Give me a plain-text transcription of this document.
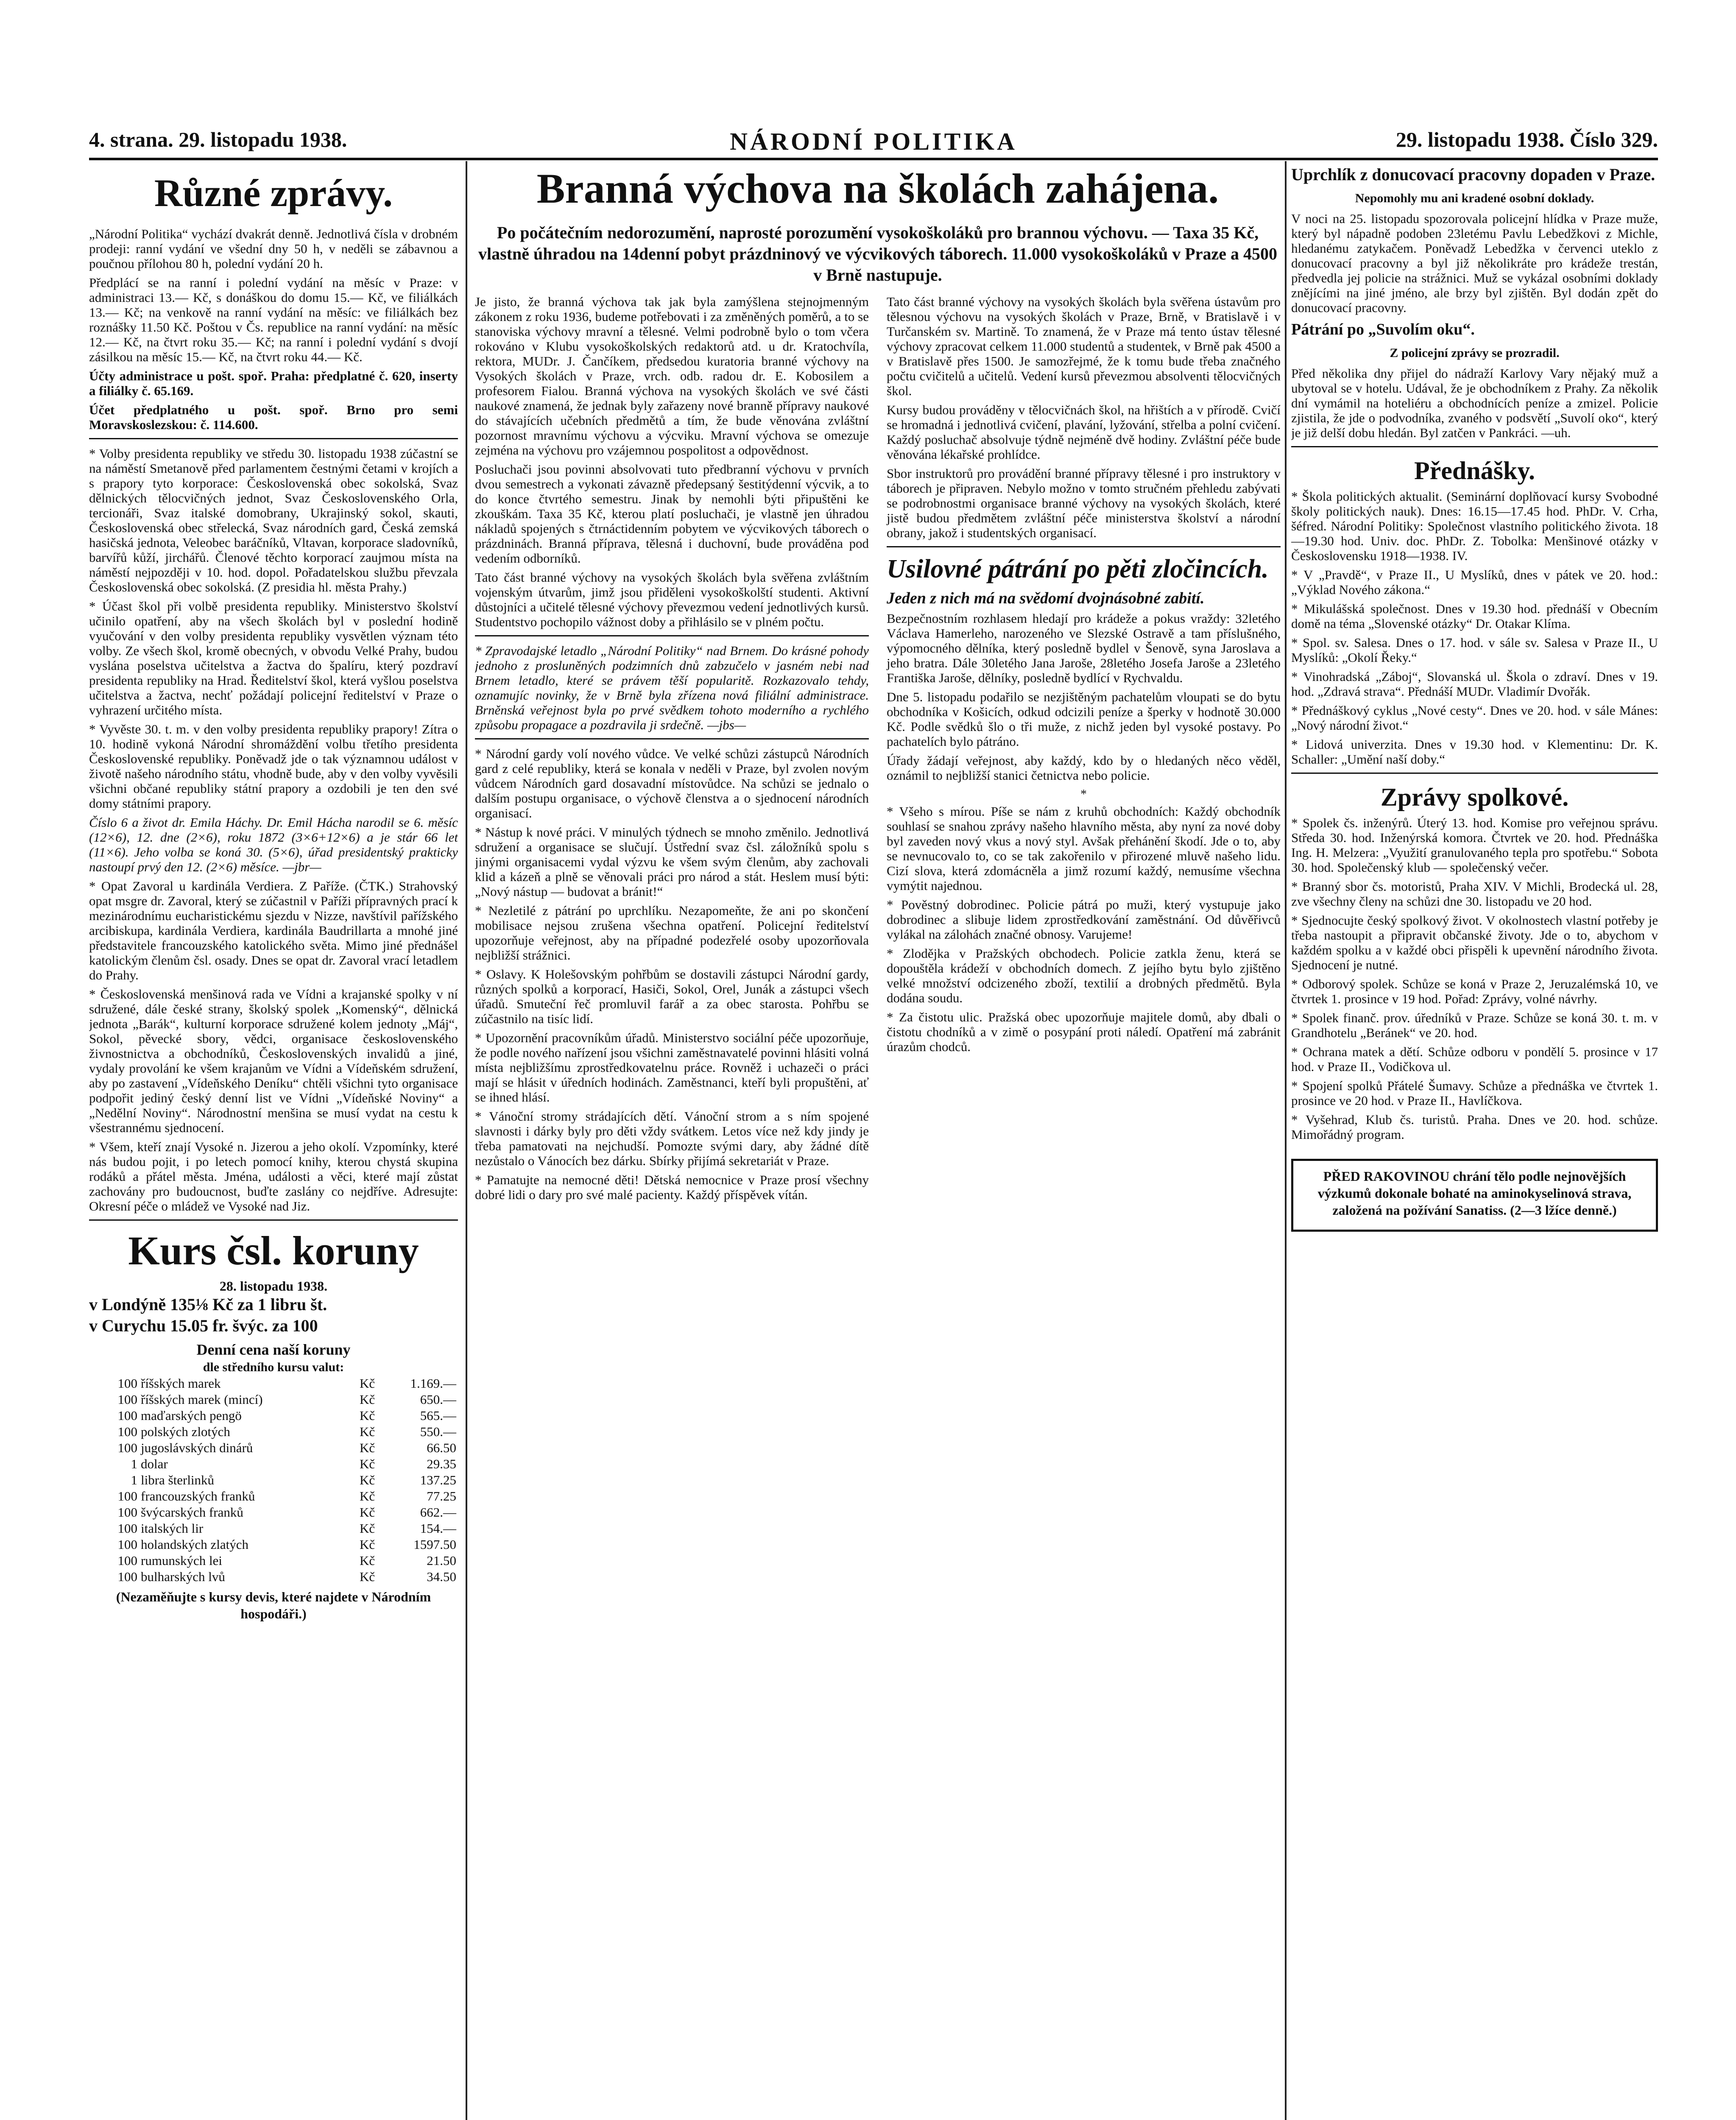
4. strana. 29. listopadu 1938.	NÁRODNÍ POLITIKA	29. listopadu 1938. Číslo 329.
Různé zprávy.

„Národní Politika“ vychází dvakrát denně. Jednotlivá čísla v drobném prodeji: ranní vydání ve všední dny 50 h, v neděli se zábavnou a poučnou přílohou 80 h, polední vydání 20 h.

Předplácí se na ranní i polední vydání na měsíc v Praze: v administraci 13.— Kč, s donáškou do domu 15.— Kč, ve filiálkách 13.— Kč; na venkově na ranní vydání na měsíc: ve filiálkách bez roznášky 11.50 Kč. Poštou v Čs. republice na ranní vydání: na měsíc 12.— Kč, na čtvrt roku 35.— Kč; na ranní i polední vydání s dvojí zásilkou na měsíc 15.— Kč, na čtvrt roku 44.— Kč.

Účty administrace u pošt. spoř. Praha: předplatné č. 620, inserty a filiálky č. 65.169.

Účet předplatného u pošt. spoř. Brno pro semi Moravskoslezskou: č. 114.600.

* Volby presidenta republiky ve středu 30. listopadu 1938 zúčastní se na náměstí Smetanově před parlamentem čestnými četami v krojích a s prapory tyto korporace: Československá obec sokolská, Svaz dělnických tělocvičných jednot, Svaz Československého Orla, tercionáři, Svaz italské domobrany, Ukrajinský sokol, skauti, Československá obec střelecká, Svaz národních gard, Česká zemská hasičská jednota, Veleobec baráčníků, Vltavan, korporace sladovníků, barvířů kůží, jirchářů. Členové těchto korporací zaujmou místa na náměstí nejpozději v 10. hod. dopol. Pořadatelskou službu převzala Československá obec sokolská. (Z presidia hl. města Prahy.)

* Účast škol při volbě presidenta republiky. Ministerstvo školství učinilo opatření, aby na všech školách byl v poslední hodině vyučování v den volby presidenta republiky vysvětlen význam této volby. Ze všech škol, kromě obecných, v obvodu Velké Prahy, budou vyslána poselstva učitelstva a žactva do špalíru, který pozdraví presidenta republiky na Hrad. Ředitelství škol, která vyšlou poselstva učitelstva a žactva, nechť požádají policejní ředitelství v Praze o vyhrazení určitého místa.

* Vyvěste 30. t. m. v den volby presidenta republiky prapory! Zítra o 10. hodině vykoná Národní shromáždění volbu třetího presidenta Československé republiky. Poněvadž jde o tak významnou událost v životě našeho národního státu, vhodně bude, aby v den volby vyvěsili všichni občané republiky státní prapory a ozdobili je ten den své domy státními prapory.

Číslo 6 a život dr. Emila Háchy. Dr. Emil Hácha narodil se 6. měsíc (12×6), 12. dne (2×6), roku 1872 (3×6+12×6) a je stár 66 let (11×6). Jeho volba se koná 30. (5×6), úřad presidentský prakticky nastoupí prvý den 12. (2×6) měsíce. —jbr—

* Opat Zavoral u kardinála Verdiera. Z Paříže. (ČTK.) Strahovský opat msgre dr. Zavoral, který se zúčastnil v Paříži přípravných prací k mezinárodnímu eucharistickému sjezdu v Nizze, navštívil pařížského arcibiskupa, kardinála Verdiera, kardinála Baudrillarta a mnohé jiné představitele francouzského katolického světa. Mimo jiné přednášel katolickým členům čsl. osady. Dnes se opat dr. Zavoral vrací letadlem do Prahy.

* Československá menšinová rada ve Vídni a krajanské spolky v ní sdružené, dále české strany, školský spolek „Komenský“, dělnická jednota „Barák“, kulturní korporace sdružené kolem jednoty „Máj“, Sokol, pěvecké sbory, vědci, organisace československého živnostnictva a obchodníků, Československých invalidů a jiné, vydaly provolání ke všem krajanům ve Vídni a Vídeňském sdružení, aby po zastavení „Vídeňského Deníku“ chtěli všichni tyto organisace podpořit jediný český denní list ve Vídni „Vídeňské Noviny“ a „Nedělní Noviny“. Národnostní menšina se musí vydat na cestu k všestrannému sjednocení.

* Všem, kteří znají Vysoké n. Jizerou a jeho okolí. Vzpomínky, které nás budou pojit, i po letech pomocí knihy, kterou chystá skupina rodáků a přátel města. Jména, události a věci, které mají zůstat zachovány pro budoucnost, buďte zaslány co nejdříve. Adresujte: Okresní péče o mládež ve Vysoké nad Jiz.

Kurs čsl. koruny
28. listopadu 1938.
v Londýně 135⅛ Kč za 1 libru št.
v Curychu 15.05 fr. švýc. za 100
Denní cena naší koruny
dle středního kursu valut:
100	říšských marek	Kč	1.169.—
100	říšských marek (mincí)	Kč	650.—
100	maďarských pengö	Kč	565.—
100	polských zlotých	Kč	550.—
100	jugoslávských dinárů	Kč	66.50
1	dolar	Kč	29.35
1	libra šterlinků	Kč	137.25
100	francouzských franků	Kč	77.25
100	švýcarských franků	Kč	662.—
100	italských lir	Kč	154.—
100	holandských zlatých	Kč	1597.50
100	rumunských lei	Kč	21.50
100	bulharských lvů	Kč	34.50
(Nezaměňujte s kursy devis, které najdete v Národním hospodáři.)
Branná výchova na školách zahájena.
Po počátečním nedorozumění, naprosté porozumění vysokoškoláků pro brannou výchovu. — Taxa 35 Kč, vlastně úhradou na 14denní pobyt prázdninový ve výcvikových táborech. 11.000 vysokoškoláků v Praze a 4500 v Brně nastupuje.

Je jisto, že branná výchova tak jak byla zamýšlena stejnojmenným zákonem z roku 1936, budeme potřebovati i za změněných poměrů, a to se stanoviska výchovy mravní a tělesné. Velmi podrobně bylo o tom včera rokováno v Klubu vysokoškolských redaktorů atd. u dr. Kratochvíla, rektora, MUDr. J. Čančíkem, předsedou kuratoria branné výchovy na Vysokých školách v Praze, vrch. odb. radou dr. E. Kobosilem a profesorem Fialou. Branná výchova na vysokých školách ve své části naukové znamená, že jednak byly zařazeny nové branně přípravy naukové do stávajících učebních předmětů a tím, že bude věnována zvláštní pozornost mravnímu výchovu a výcviku. Mravní výchova se omezuje zejména na výchovu pro vzájemnou pospolitost a odpovědnost.

Posluchači jsou povinni absolvovati tuto předbranní výchovu v prvních dvou semestrech a vykonati závazně předepsaný šestitýdenní výcvik, a to do konce čtvrtého semestru. Jinak by nemohli býti připuštěni ke zkouškám. Taxa 35 Kč, kterou platí posluchači, je vlastně jen úhradou nákladů spojených s čtrnáctidenním pobytem ve výcvikových táborech o prázdninách. Branná příprava, tělesná i duchovní, bude prováděna pod vedením odborníků.

Tato část branné výchovy na vysokých školách byla svěřena zvláštním vojenským útvarům, jimž jsou přiděleni vysokoškolští studenti. Aktivní důstojníci a učitelé tělesné výchovy převezmou vedení jednotlivých kursů. Studentstvo pochopilo vážnost doby a přihlásilo se v plném počtu.

* Zpravodajské letadlo „Národní Politiky“ nad Brnem. Do krásné pohody jednoho z prosluněných podzimních dnů zabzučelo v jasném nebi nad Brnem letadlo, které se právem těší popularitě. Rozkazovalo tehdy, oznamujíc novinky, že v Brně byla zřízena nová filiální administrace. Brněnská veřejnost byla po prvé svědkem tohoto moderního a rychlého způsobu propagace a pozdravila ji srdečně. —jbs—

* Národní gardy volí nového vůdce. Ve velké schůzi zástupců Národních gard z celé republiky, která se konala v neděli v Praze, byl zvolen novým vůdcem Národních gard dosavadní místovůdce. Na schůzi se jednalo o dalším postupu organisace, o výchově členstva a o sjednocení národních organisací.

* Nástup k nové práci. V minulých týdnech se mnoho změnilo. Jednotlivá sdružení a organisace se slučují. Ústřední svaz čsl. záložníků spolu s jinými organisacemi vydal výzvu ke všem svým členům, aby zachovali klid a kázeň a plně se věnovali práci pro národ a stát. Heslem musí býti: „Nový nástup — budovat a bránit!“

* Nezletilé z pátrání po uprchlíku. Nezapomeňte, že ani po skončení mobilisace nejsou zrušena všechna opatření. Policejní ředitelství upozorňuje veřejnost, aby na případné podezřelé osoby upozorňovala nejbližší strážnici.

* Oslavy. K Holešovským pohřbům se dostavili zástupci Národní gardy, různých spolků a korporací, Hasiči, Sokol, Orel, Junák a zástupci všech úřadů. Smuteční řeč promluvil farář a za obec starosta. Pohřbu se zúčastnilo na tisíc lidí.

* Upozornění pracovníkům úřadů. Ministerstvo sociální péče upozorňuje, že podle nového nařízení jsou všichni zaměstnavatelé povinni hlásiti volná místa nejbližšímu zprostředkovatelnu práce. Rovněž i uchazeči o práci mají se hlásit v úředních hodinách. Zaměstnanci, kteří byli propuštěni, ať se ihned hlásí.

* Vánoční stromy strádajících dětí. Vánoční strom a s ním spojené slavnosti i dárky byly pro děti vždy svátkem. Letos více než kdy jindy je třeba pamatovati na nejchudší. Pomozte svými dary, aby žádné dítě nezůstalo o Vánocích bez dárku. Sbírky přijímá sekretariát v Praze.

* Pamatujte na nemocné děti! Dětská nemocnice v Praze prosí všechny dobré lidi o dary pro své malé pacienty. Každý příspěvek vítán.

Tato část branné výchovy na vysokých školách byla svěřena ústavům pro tělesnou výchovu na vysokých školách v Praze, Brně, v Bratislavě i v Turčanském sv. Martině. To znamená, že v Praze má tento ústav tělesné výchovy zpracovat celkem 11.000 studentů a studentek, v Brně pak 4500 a v Bratislavě přes 1500. Je samozřejmé, že k tomu bude třeba značného počtu cvičitelů a učitelů. Vedení kursů převezmou absolventi tělocvičných škol.

Kursy budou prováděny v tělocvičnách škol, na hřištích a v přírodě. Cvičí se hromadná i jednotlivá cvičení, plavání, lyžování, střelba a polní cvičení. Každý posluchač absolvuje týdně nejméně dvě hodiny. Zvláštní péče bude věnována lékařské prohlídce.

Sbor instruktorů pro provádění branné přípravy tělesné i pro instruktory v táborech je připraven. Nebylo možno v tomto stručném přehledu zabývati se podrobnostmi organisace branné výchovy na vysokých školách, které jistě budou předmětem zvláštní péče ministerstva školství a národní obrany, jakož i studentských organisací.

Usilovné pátrání po pěti zločincích.
Jeden z nich má na svědomí dvojnásobné zabití.

Bezpečnostním rozhlasem hledají pro krádeže a pokus vraždy: 32letého Václava Hamerleho, narozeného ve Slezské Ostravě a tam příslušného, výpomocného dělníka, který posledně bydlel v Šenově, syna Jaroslava a jeho bratra. Dále 30letého Jana Jaroše, 28letého Josefa Jaroše a 23letého Františka Jaroše, dělníky, posledně bydlící v Rychvaldu.

Dne 5. listopadu podařilo se nezjištěným pachatelům vloupati se do bytu obchodníka v Košicích, odkud odcizili peníze a šperky v hodnotě 30.000 Kč. Podle svědků šlo o tři muže, z nichž jeden byl vysoké postavy. Po pachatelích bylo pátráno.

Úřady žádají veřejnost, aby každý, kdo by o hledaných něco věděl, oznámil to nejbližší stanici četnictva nebo policie.

*

* Všeho s mírou. Píše se nám z kruhů obchodních: Každý obchodník souhlasí se snahou zprávy našeho hlavního města, aby nyní za nové doby byl zaveden nový vkus a nový styl. Avšak přehánění škodí. Jde o to, aby se nevnucovalo to, co se tak zakořenilo v přirozené mluvě našeho lidu. Cizí slova, která zdomácněla a jimž rozumí každý, nemusíme všechna vymýtit najednou.

* Pověstný dobrodinec. Policie pátrá po muži, který vystupuje jako dobrodinec a slibuje lidem zprostředkování zaměstnání. Od důvěřivců vylákal na zálohách značné obnosy. Varujeme!

* Zlodějka v Pražských obchodech. Policie zatkla ženu, která se dopouštěla krádeží v obchodních domech. Z jejího bytu bylo zjištěno velké množství odcizeného zboží, textilií a drobných předmětů. Byla dodána soudu.

* Za čistotu ulic. Pražská obec upozorňuje majitele domů, aby dbali o čistotu chodníků a v zimě o posypání proti náledí. Opatření má zabránit úrazům chodců.

Uprchlík z donucovací pracovny dopaden v Praze.
Nepomohly mu ani kradené osobní doklady.

V noci na 25. listopadu spozorovala policejní hlídka v Praze muže, který byl nápadně podoben 23letému Pavlu Lebedžkovi z Michle, hledanému zatykačem. Poněvadž Lebedžka v červenci uteklo z donucovací pracovny a byl již několikráte pro krádeže trestán, předvedla jej policie na strážnici. Muž se vykázal osobními doklady znějícími na jiné jméno, ale brzy byl zjištěn. Byl dodán zpět do donucovací pracovny.

Pátrání po „Suvolím oku“.
Z policejní zprávy se prozradil.

Před několika dny přijel do nádraží Karlovy Vary nějaký muž a ubytoval se v hotelu. Udával, že je obchodníkem z Prahy. Za několik dní vymámil na hoteliéru a obchodnících peníze a zmizel. Policie zjistila, že jde o podvodníka, zvaného v podsvětí „Suvolí oko“, který je již delší dobu hledán. Byl zatčen v Pankráci. —uh.

Přednášky.

* Škola politických aktualit. (Seminární doplňovací kursy Svobodné školy politických nauk). Dnes: 16.15—17.45 hod. PhDr. V. Crha, šéfred. Národní Politiky: Společnost vlastního politického života. 18—19.30 hod. Univ. doc. PhDr. Z. Tobolka: Menšinové otázky v Československu 1918—1938. IV.

* V „Pravdě“, v Praze II., U Myslíků, dnes v pátek ve 20. hod.: „Výklad Nového zákona.“

* Mikulášská společnost. Dnes v 19.30 hod. přednáší v Obecním domě na téma „Slovenské otázky“ Dr. Otakar Klíma.

* Spol. sv. Salesa. Dnes o 17. hod. v sále sv. Salesa v Praze II., U Myslíků: „Okolí Řeky.“

* Vinohradská „Záboj“, Slovanská ul. Škola o zdraví. Dnes v 19. hod. „Zdravá strava“. Přednáší MUDr. Vladimír Dvořák.

* Přednáškový cyklus „Nové cesty“. Dnes ve 20. hod. v sále Mánes: „Nový národní život.“

* Lidová univerzita. Dnes v 19.30 hod. v Klementinu: Dr. K. Schaller: „Umění naší doby.“

Zprávy spolkové.

* Spolek čs. inženýrů. Úterý 13. hod. Komise pro veřejnou správu. Středa 30. hod. Inženýrská komora. Čtvrtek ve 20. hod. Přednáška Ing. H. Melzera: „Využití granulovaného tepla pro spotřebu.“ Sobota 30. hod. Společenský klub — společenský večer.

* Branný sbor čs. motoristů, Praha XIV. V Michli, Brodecká ul. 28, zve všechny členy na schůzi dne 30. listopadu ve 20 hod.

* Sjednocujte český spolkový život. V okolnostech vlastní potřeby je třeba nastoupit a připravit občanské životy. Jde o to, abychom v každém spolku a v každé obci přispěli k upevnění národního života. Sjednocení je nutné.

* Odborový spolek. Schůze se koná v Praze 2, Jeruzalémská 10, ve čtvrtek 1. prosince v 19 hod. Pořad: Zprávy, volné návrhy.

* Spolek finanč. prov. úředníků v Praze. Schůze se koná 30. t. m. v Grandhotelu „Beránek“ ve 20. hod.

* Ochrana matek a dětí. Schůze odboru v pondělí 5. prosince v 17 hod. v Praze II., Vodičkova ul.

* Spojení spolků Přátelé Šumavy. Schůze a přednáška ve čtvrtek 1. prosince ve 20 hod. v Praze II., Havlíčkova.

* Vyšehrad, Klub čs. turistů. Praha. Dnes ve 20. hod. schůze. Mimořádný program.

PŘED RAKOVINOU chrání tělo podle nejnovějších výzkumů dokonale bohaté na aminokyselinová strava, založená na požívání Sanatiss. (2—3 lžíce denně.)
